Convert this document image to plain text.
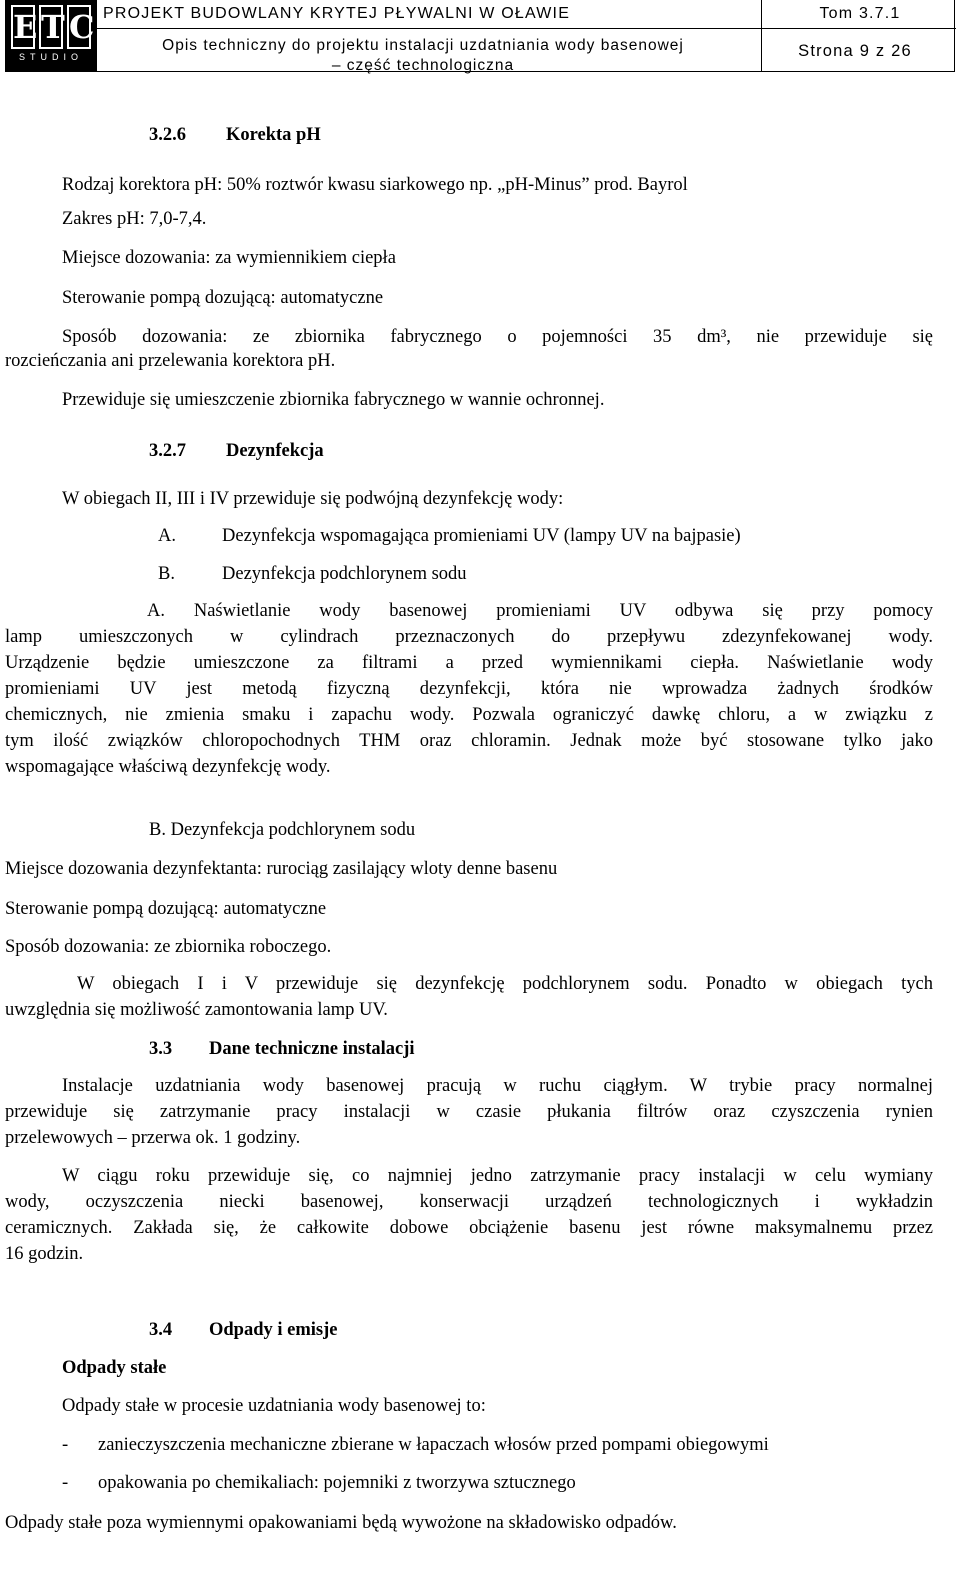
E T C
STUDIO
PROJEKT BUDOWLANY KRYTEJ PŁYWALNI W OŁAWIE	Tom 3.7.1
Opis techniczny do projektu instalacji uzdatniania wody basenowej
– część technologiczna
Strona 9 z 26
3.2.6 Korekta pH
Rodzaj korektora pH: 50% roztwór kwasu siarkowego np. „pH-Minus” prod. Bayrol
Zakres pH: 7,0-7,4.
Miejsce dozowania: za wymiennikiem ciepła
Sterowanie pompą dozującą: automatyczne
Sposób dozowania: ze zbiornika fabrycznego o pojemności 35 dm³, nie przewiduje się
rozcieńczania ani przelewania korektora pH.
Przewiduje się umieszczenie zbiornika fabrycznego w wannie ochronnej.
3.2.7 Dezynfekcja
W obiegach II, III i IV przewiduje się podwójną dezynfekcję wody:
A. Dezynfekcja wspomagająca promieniami UV (lampy UV na bajpasie)
B.	Dezynfekcja podchlorynem sodu
A. Naświetlanie wody basenowej promieniami UV odbywa się przy pomocy
lamp umieszczonych w cylindrach przeznaczonych do przepływu zdezynfekowanej wody.
Urządzenie będzie umieszczone za filtrami a przed wymiennikami ciepła. Naświetlanie wody
promieniami UV jest metodą fizyczną dezynfekcji, która nie wprowadza żadnych środków
chemicznych, nie zmienia smaku i zapachu wody. Pozwala ograniczyć dawkę chloru, a w związku z
tym ilość związków chloropochodnych THM oraz chloramin. Jednak może być stosowane tylko jako
wspomagające właściwą dezynfekcję wody.
B. Dezynfekcja podchlorynem sodu
Miejsce dozowania dezynfektanta: rurociąg zasilający wloty denne basenu
Sterowanie pompą dozującą: automatyczne
Sposób dozowania: ze zbiornika roboczego.
W obiegach I i V przewiduje się dezynfekcję podchlorynem sodu. Ponadto w obiegach tych
uwzględnia się możliwość zamontowania lamp UV.
3.3 Dane techniczne instalacji
Instalacje uzdatniania wody basenowej pracują w ruchu ciągłym. W trybie pracy normalnej
przewiduje się zatrzymanie pracy instalacji w czasie płukania filtrów oraz czyszczenia rynien
przelewowych – przerwa ok. 1 godziny.
W ciągu roku przewiduje się, co najmniej jedno zatrzymanie pracy instalacji w celu wymiany
wody, oczyszczenia niecki basenowej, konserwacji urządzeń technologicznych i wykładzin
ceramicznych. Zakłada się, że całkowite dobowe obciążenie basenu jest równe maksymalnemu przez
16 godzin.
3.4 Odpady i emisje
Odpady stałe
Odpady stałe w procesie uzdatniania wody basenowej to:
- zanieczyszczenia mechaniczne zbierane w łapaczach włosów przed pompami obiegowymi
- opakowania po chemikaliach: pojemniki z tworzywa sztucznego
Odpady stałe poza wymiennymi opakowaniami będą wywożone na składowisko odpadów.
